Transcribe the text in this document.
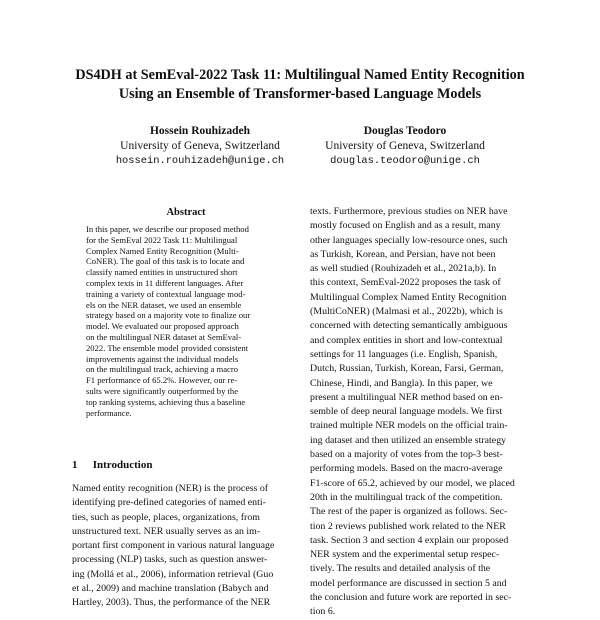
DS4DH at SemEval-2022 Task 11: Multilingual Named Entity Recognition
Using an Ensemble of Transformer-based Language Models
Hossein Rouhizadeh
University of Geneva, Switzerland
hossein.rouhizadeh@unige.ch
Douglas Teodoro
University of Geneva, Switzerland
douglas.teodoro@unige.ch
Abstract
In this paper, we describe our proposed method
for the SemEval 2022 Task 11: Multilingual
Complex Named Entity Recognition (Multi-
CoNER). The goal of this task is to locate and
classify named entities in unstructured short
complex texts in 11 different languages. After
training a variety of contextual language mod-
els on the NER dataset, we used an ensemble
strategy based on a majority vote to finalize our
model. We evaluated our proposed approach
on the multilingual NER dataset at SemEval-
2022. The ensemble model provided consistent
improvements against the individual models
on the multilingual track, achieving a macro
F1 performance of 65.2%. However, our re-
sults were significantly outperformed by the
top ranking systems, achieving thus a baseline
performance.
1 Introduction
Named entity recognition (NER) is the process of
identifying pre-defined categories of named enti-
ties, such as people, places, organizations, from
unstructured text. NER usually serves as an im-
portant first component in various natural language
processing (NLP) tasks, such as question answer-
ing (Mollá et al., 2006), information retrieval (Guo
et al., 2009) and machine translation (Babych and
Hartley, 2003). Thus, the performance of the NER
texts. Furthermore, previous studies on NER have
mostly focused on English and as a result, many
other languages specially low-resource ones, such
as Turkish, Korean, and Persian, have not been
as well studied (Rouhizadeh et al., 2021a,b). In
this context, SemEval-2022 proposes the task of
Multilingual Complex Named Entity Recognition
(MultiCoNER) (Malmasi et al., 2022b), which is
concerned with detecting semantically ambiguous
and complex entities in short and low-contextual
settings for 11 languages (i.e. English, Spanish,
Dutch, Russian, Turkish, Korean, Farsi, German,
Chinese, Hindi, and Bangla). In this paper, we
present a multilingual NER method based on en-
semble of deep neural language models. We first
trained multiple NER models on the official train-
ing dataset and then utilized an ensemble strategy
based on a majority of votes from the top-3 best-
performing models. Based on the macro-average
F1-score of 65.2, achieved by our model, we placed
20th in the multilingual track of the competition.
The rest of the paper is organized as follows. Sec-
tion 2 reviews published work related to the NER
task. Section 3 and section 4 explain our proposed
NER system and the experimental setup respec-
tively. The results and detailed analysis of the
model performance are discussed in section 5 and
the conclusion and future work are reported in sec-
tion 6.
